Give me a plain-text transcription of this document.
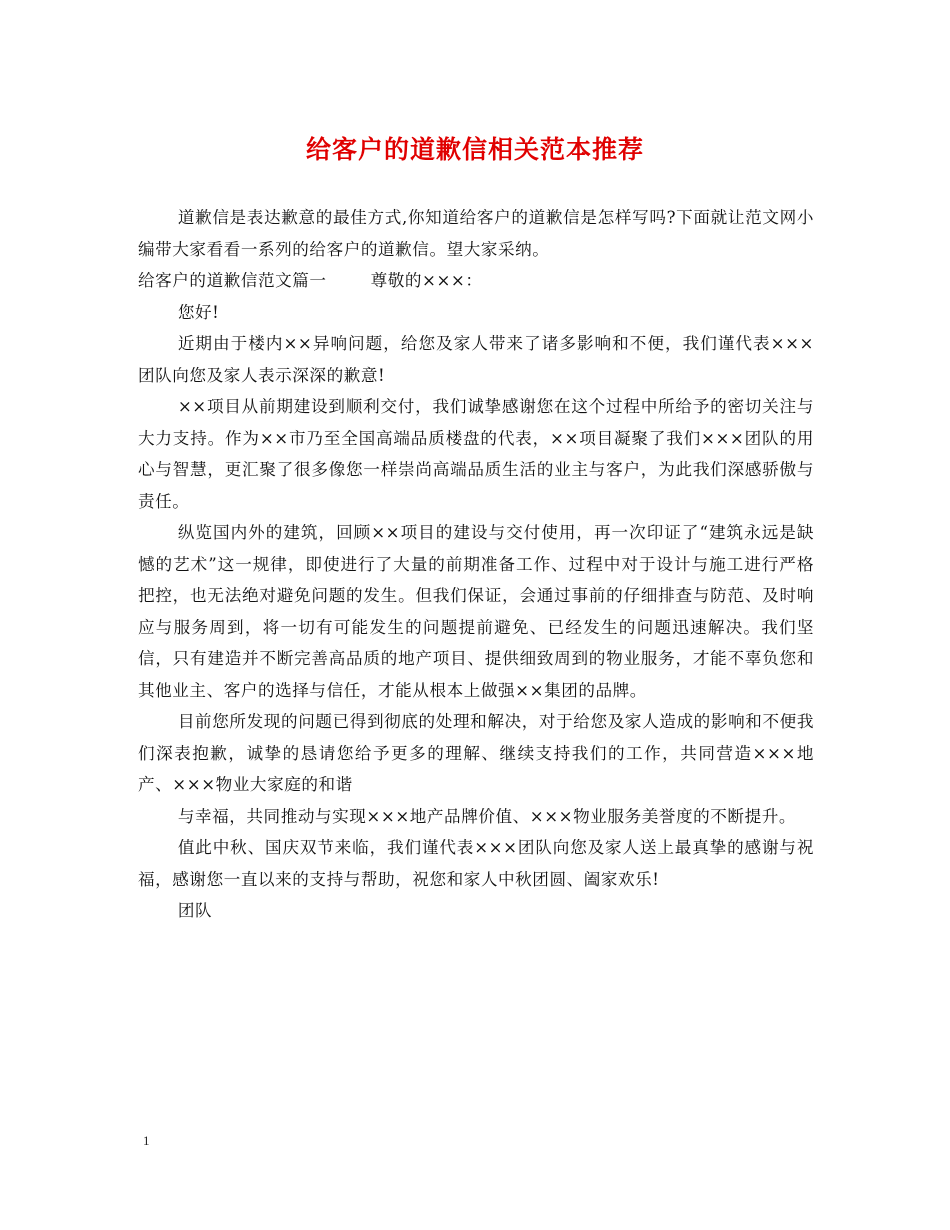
给客户的道歉信相关范本推荐

道歉信是表达歉意的最佳方式,你知道给客户的道歉信是怎样写吗?下面就让范文网小编带大家看看一系列的给客户的道歉信。望大家采纳。

给客户的道歉信范文篇一	尊敬的×××：

您好!

近期由于楼内××异响问题，给您及家人带来了诸多影响和不便，我们谨代表×××团队向您及家人表示深深的歉意!

××项目从前期建设到顺利交付，我们诚挚感谢您在这个过程中所给予的密切关注与大力支持。作为××市乃至全国高端品质楼盘的代表，××项目凝聚了我们×××团队的用心与智慧，更汇聚了很多像您一样崇尚高端品质生活的业主与客户，为此我们深感骄傲与责任。

纵览国内外的建筑，回顾××项目的建设与交付使用，再一次印证了“建筑永远是缺憾的艺术”这一规律，即使进行了大量的前期准备工作、过程中对于设计与施工进行严格把控，也无法绝对避免问题的发生。但我们保证，会通过事前的仔细排查与防范、及时响应与服务周到，将一切有可能发生的问题提前避免、已经发生的问题迅速解决。我们坚信，只有建造并不断完善高品质的地产项目、提供细致周到的物业服务，才能不辜负您和其他业主、客户的选择与信任，才能从根本上做强××集团的品牌。

目前您所发现的问题已得到彻底的处理和解决，对于给您及家人造成的影响和不便我们深表抱歉，诚挚的恳请您给予更多的理解、继续支持我们的工作，共同营造×××地产、×××物业大家庭的和谐

与幸福，共同推动与实现×××地产品牌价值、×××物业服务美誉度的不断提升。

值此中秋、国庆双节来临，我们谨代表×××团队向您及家人送上最真挚的感谢与祝福，感谢您一直以来的支持与帮助，祝您和家人中秋团圆、阖家欢乐!

团队

1
